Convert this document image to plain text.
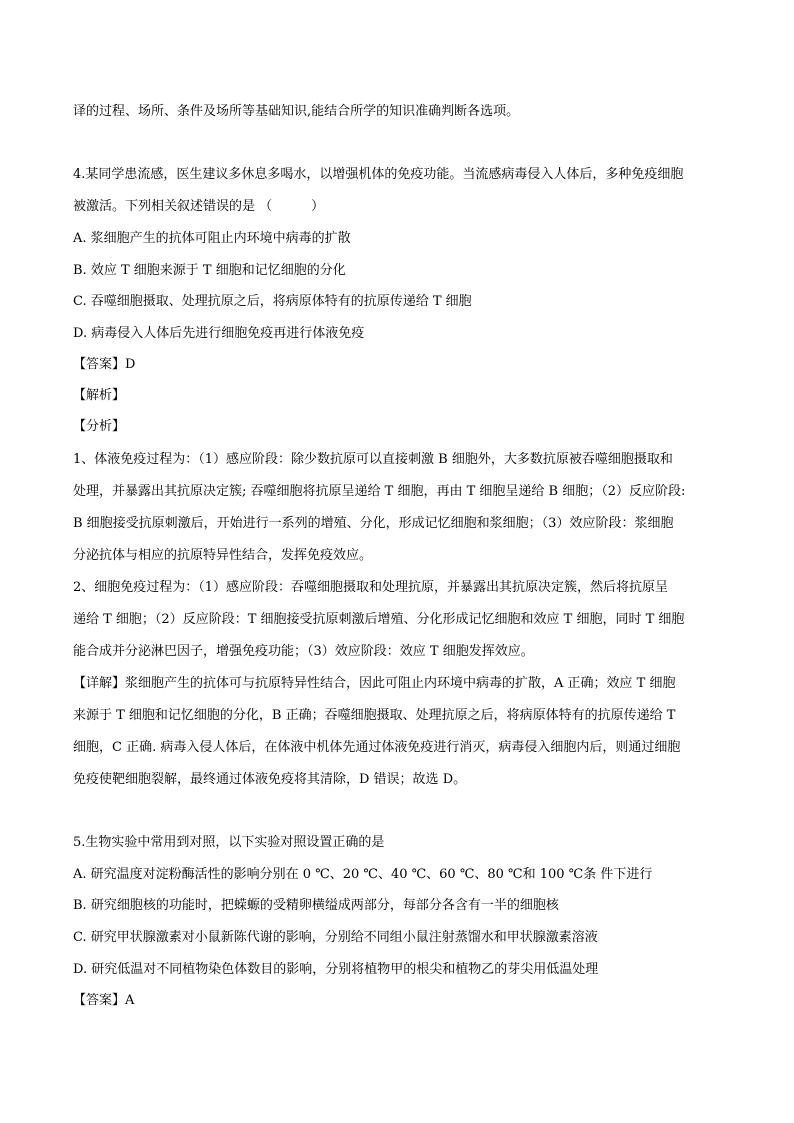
译的过程、场所、条件及场所等基础知识,能结合所学的知识准确判断各选项。
4.某同学患流感，医生建议多休息多喝水，以增强机体的免疫功能。当流感病毒侵入人体后，多种免疫细胞
被激活。下列相关叙述错误的是 （　　　）
A. 浆细胞产生的抗体可阻止内环境中病毒的扩散
B. 效应 T 细胞来源于 T 细胞和记忆细胞的分化
C. 吞噬细胞摄取、处理抗原之后，将病原体特有的抗原传递给 T 细胞
D. 病毒侵入人体后先进行细胞免疫再进行体液免疫
【答案】D
【解析】
【分析】
1、体液免疫过程为：（1）感应阶段：除少数抗原可以直接刺激 B 细胞外，大多数抗原被吞噬细胞摄取和
处理，并暴露出其抗原决定簇; 吞噬细胞将抗原呈递给 T 细胞，再由 T 细胞呈递给 B 细胞；（2）反应阶段:
B 细胞接受抗原刺激后，开始进行一系列的增殖、分化，形成记忆细胞和浆细胞；（3）效应阶段：浆细胞
分泌抗体与相应的抗原特异性结合，发挥免疫效应。
2、细胞免疫过程为：（1）感应阶段：吞噬细胞摄取和处理抗原，并暴露出其抗原决定簇，然后将抗原呈
递给 T 细胞；（2）反应阶段：T 细胞接受抗原刺激后增殖、分化形成记忆细胞和效应 T 细胞，同时 T 细胞
能合成并分泌淋巴因子，增强免疫功能；（3）效应阶段：效应 T 细胞发挥效应。
【详解】浆细胞产生的抗体可与抗原特异性结合，因此可阻止内环境中病毒的扩散，A 正确；效应 T 细胞
来源于 T 细胞和记忆细胞的分化，B 正确；吞噬细胞摄取、处理抗原之后，将病原体特有的抗原传递给 T
细胞，C 正确. 病毒入侵人体后，在体液中机体先通过体液免疫进行消灭，病毒侵入细胞内后，则通过细胞
免疫使靶细胞裂解，最终通过体液免疫将其清除，D 错误；故选 D。
5.生物实验中常用到对照，以下实验对照设置正确的是
A. 研究温度对淀粉酶活性的影响分别在 0 ℃、20 ℃、40 ℃、60 ℃、80 ℃和 100 ℃条 件下进行
B. 研究细胞核的功能时，把蝾螈的受精卵横缢成两部分，每部分各含有一半的细胞核
C. 研究甲状腺激素对小鼠新陈代谢的影响，分别给不同组小鼠注射蒸馏水和甲状腺激素溶液
D. 研究低温对不同植物染色体数目的影响，分别将植物甲的根尖和植物乙的芽尖用低温处理
【答案】A
